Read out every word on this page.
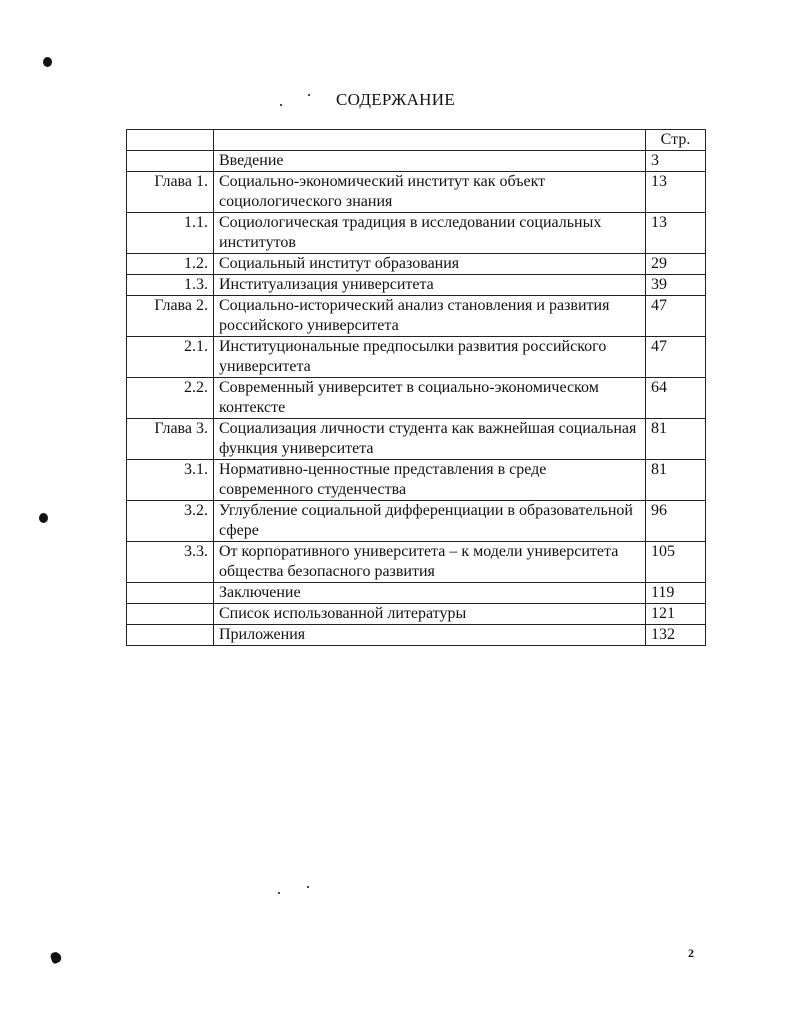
СОДЕРЖАНИЕ
		Стр.
	Введение	3
Глава 1.	Социально-экономический институт как объект социологического знания	13
1.1.	Социологическая традиция в исследовании социальных институтов	13
1.2.	Социальный институт образования	29
1.3.	Институализация университета	39
Глава 2.	Социально-исторический анализ становления и развития российского университета	47
2.1.	Институциональные предпосылки развития российского университета	47
2.2.	Современный университет в социально-экономическом контексте	64
Глава 3.	Социализация личности студента как важнейшая социальная функция университета	81
3.1.	Нормативно-ценностные представления в среде современного студенчества	81
3.2.	Углубление социальной дифференциации в образовательной сфере	96
3.3.	От корпоративного университета – к модели университета общества безопасного развития	105
	Заключение	119
	Список использованной литературы	121
	Приложения	132
2
